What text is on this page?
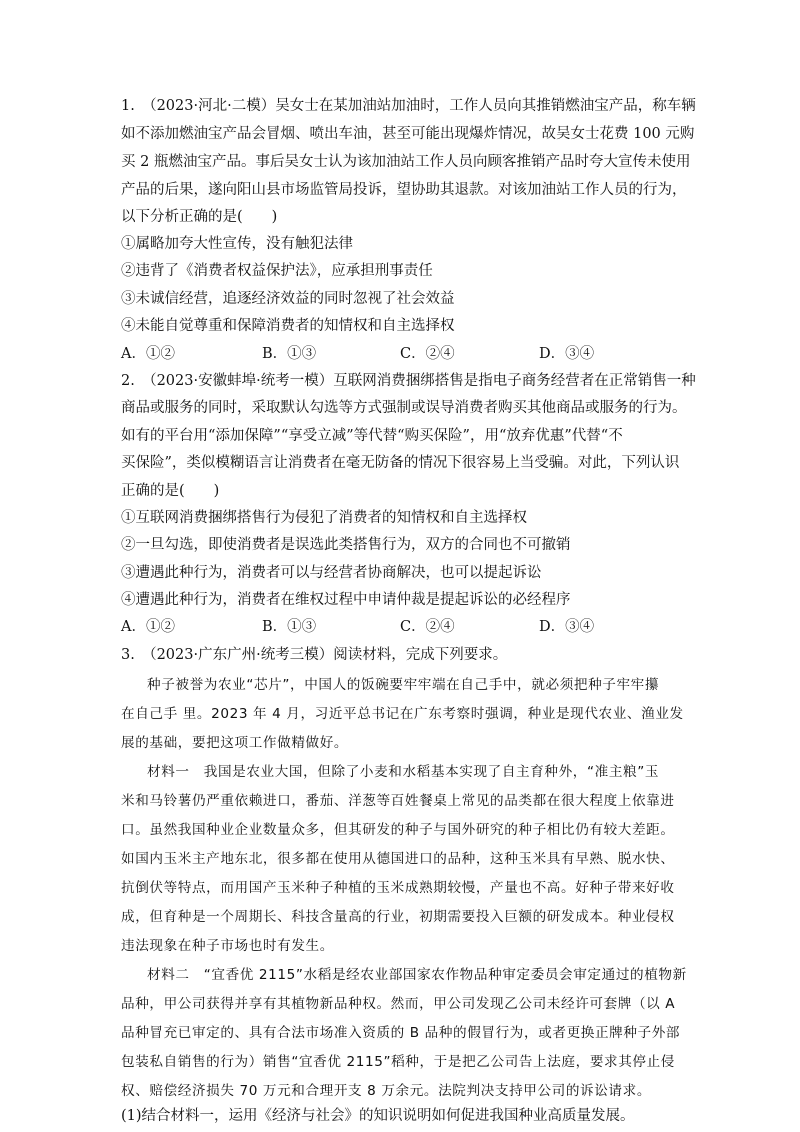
1.　（2023·河北·二模）吴女士在某加油站加油时，工作人员向其推销燃油宝产品，称车辆
如不添加燃油宝产品会冒烟、喷出车油，甚至可能出现爆炸情况，故吴女士花费 100 元购
买 2 瓶燃油宝产品。事后吴女士认为该加油站工作人员向顾客推销产品时夸大宣传未使用
产品的后果，遂向阳山县市场监管局投诉，望协助其退款。对该加油站工作人员的行为，
以下分析正确的是(　　)
①属略加夸大性宣传，没有触犯法律
②违背了《消费者权益保护法》，应承担刑事责任
③未诚信经营，追逐经济效益的同时忽视了社会效益
④未能自觉尊重和保障消费者的知情权和自主选择权
A．①②	B．①③	C．②④	D．③④
2.　（2023·安徽蚌埠·统考一模）互联网消费捆绑搭售是指电子商务经营者在正常销售一种
商品或服务的同时，采取默认勾选等方式强制或误导消费者购买其他商品或服务的行为。
如有的平台用“添加保障”“享受立减”等代替“购买保险”，用“放弃优惠”代替“不
买保险”，类似模糊语言让消费者在毫无防备的情况下很容易上当受骗。对此，下列认识
正确的是(　　)
①互联网消费捆绑搭售行为侵犯了消费者的知情权和自主选择权
②一旦勾选，即使消费者是误选此类搭售行为，双方的合同也不可撤销
③遭遇此种行为，消费者可以与经营者协商解决，也可以提起诉讼
④遭遇此种行为，消费者在维权过程中申请仲裁是提起诉讼的必经程序
A．①②	B．①③	C．②④	D．③④
3.　（2023·广东广州·统考三模）阅读材料，完成下列要求。
种子被誉为农业“芯片”，中国人的饭碗要牢牢端在自己手中，就必须把种子牢牢攥
在自己手 里。2023 年 4 月，习近平总书记在广东考察时强调，种业是现代农业、渔业发
展的基础，要把这项工作做精做好。
材料一　我国是农业大国，但除了小麦和水稻基本实现了自主育种外，“准主粮”玉
米和马铃薯仍严重依赖进口，番茄、洋葱等百姓餐桌上常见的品类都在很大程度上依靠进
口。虽然我国种业企业数量众多，但其研发的种子与国外研究的种子相比仍有较大差距。
如国内玉米主产地东北，很多都在使用从德国进口的品种，这种玉米具有早熟、脱水快、
抗倒伏等特点，而用国产玉米种子种植的玉米成熟期较慢，产量也不高。好种子带来好收
成，但育种是一个周期长、科技含量高的行业，初期需要投入巨额的研发成本。种业侵权
违法现象在种子市场也时有发生。
材料二　“宜香优 2115”水稻是经农业部国家农作物品种审定委员会审定通过的植物新
品种，甲公司获得并享有其植物新品种权。然而，甲公司发现乙公司未经许可套牌（以 A
品种冒充已审定的、具有合法市场准入资质的 B 品种的假冒行为，或者更换正牌种子外部
包装私自销售的行为）销售“宜香优 2115”稻种，于是把乙公司告上法庭，要求其停止侵
权、赔偿经济损失 70 万元和合理开支 8 万余元。法院判决支持甲公司的诉讼请求。
(1)结合材料一，运用《经济与社会》的知识说明如何促进我国种业高质量发展。
